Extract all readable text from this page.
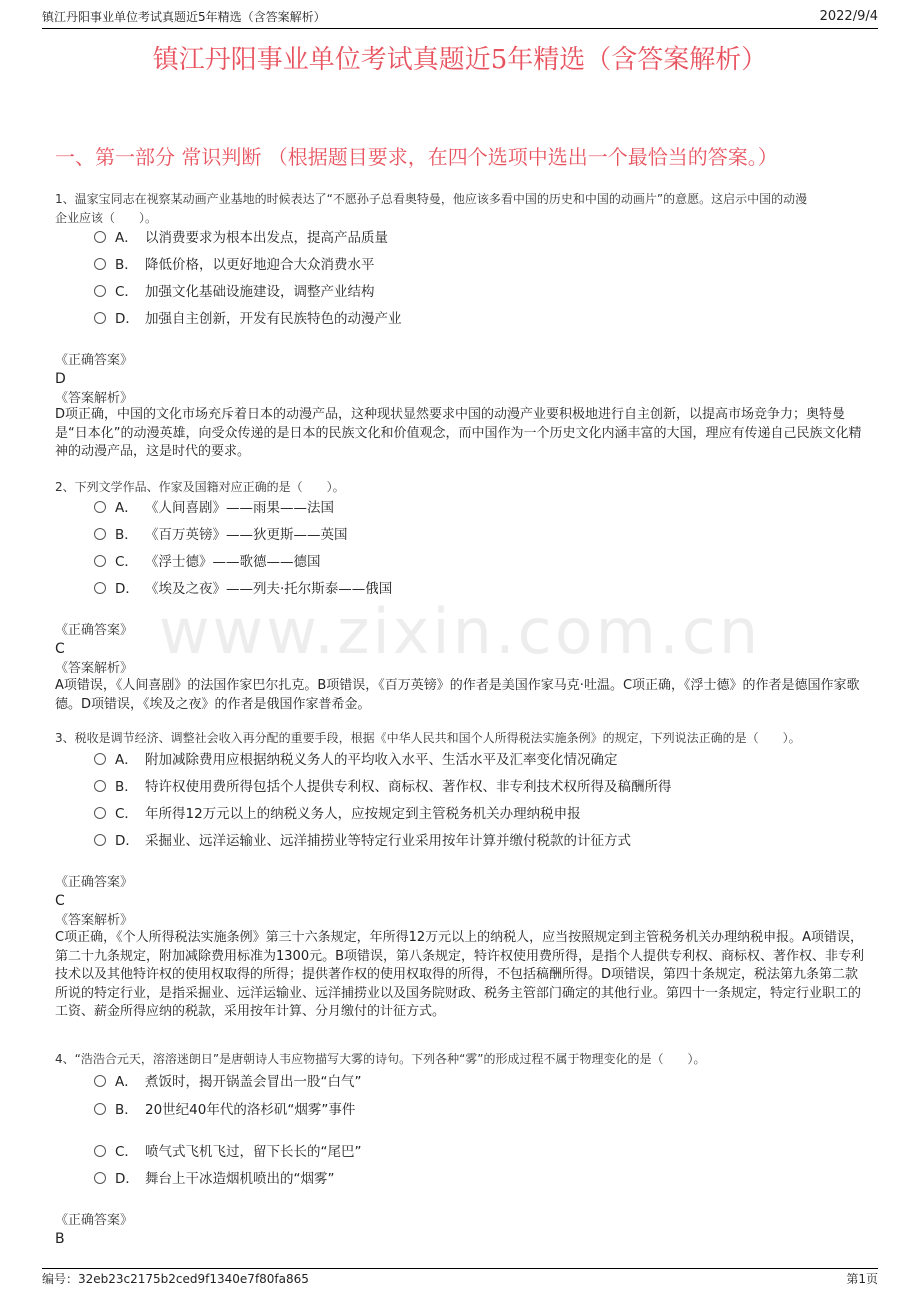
镇江丹阳事业单位考试真题近5年精选（含答案解析）	2022/9/4
镇江丹阳事业单位考试真题近5年精选（含答案解析）
一、第一部分 常识判断 （根据题目要求，在四个选项中选出一个最恰当的答案。）
www.zixin.com.cn
1、温家宝同志在视察某动画产业基地的时候表达了“不愿孙子总看奥特曼，他应该多看中国的历史和中国的动画片”的意愿。这启示中国的动漫
企业应该（　　）。
A． 以消费要求为根本出发点，提高产品质量
B． 降低价格，以更好地迎合大众消费水平
C． 加强文化基础设施建设，调整产业结构
D． 加强自主创新，开发有民族特色的动漫产业
《正确答案》
D
《答案解析》
D项正确，中国的文化市场充斥着日本的动漫产品，这种现状显然要求中国的动漫产业要积极地进行自主创新，以提高市场竞争力；奥特曼是“日本化”的动漫英雄，向受众传递的是日本的民族文化和价值观念，而中国作为一个历史文化内涵丰富的大国，理应有传递自己民族文化精神的动漫产品，这是时代的要求。
2、下列文学作品、作家及国籍对应正确的是（　　）。
A． 《人间喜剧》——雨果——法国
B． 《百万英镑》——狄更斯——英国
C． 《浮士德》——歌德——德国
D． 《埃及之夜》——列夫·托尔斯泰——俄国
《正确答案》
C
《答案解析》
A项错误，《人间喜剧》的法国作家巴尔扎克。B项错误，《百万英镑》的作者是美国作家马克·吐温。C项正确，《浮士德》的作者是德国作家歌德。D项错误，《埃及之夜》的作者是俄国作家普希金。
3、税收是调节经济、调整社会收入再分配的重要手段，根据《中华人民共和国个人所得税法实施条例》的规定，下列说法正确的是（　　）。
A． 附加减除费用应根据纳税义务人的平均收入水平、生活水平及汇率变化情况确定
B． 特许权使用费所得包括个人提供专利权、商标权、著作权、非专利技术权所得及稿酬所得
C． 年所得12万元以上的纳税义务人，应按规定到主管税务机关办理纳税申报
D． 采掘业、远洋运输业、远洋捕捞业等特定行业采用按年计算并缴付税款的计征方式
《正确答案》
C
《答案解析》
C项正确，《个人所得税法实施条例》第三十六条规定，年所得12万元以上的纳税人，应当按照规定到主管税务机关办理纳税申报。A项错误，第二十九条规定，附加减除费用标准为1300元。B项错误，第八条规定，特许权使用费所得，是指个人提供专利权、商标权、著作权、非专利技术以及其他特许权的使用权取得的所得；提供著作权的使用权取得的所得，不包括稿酬所得。D项错误，第四十条规定，税法第九条第二款所说的特定行业，是指采掘业、远洋运输业、远洋捕捞业以及国务院财政、税务主管部门确定的其他行业。第四十一条规定，特定行业职工的工资、薪金所得应纳的税款，采用按年计算、分月缴付的计征方式。
4、“浩浩合元天，溶溶迷朗日”是唐朝诗人韦应物描写大雾的诗句。下列各种“雾”的形成过程不属于物理变化的是（　　）。
A． 煮饭时，揭开锅盖会冒出一股“白气”
B． 20世纪40年代的洛杉矶“烟雾”事件
C． 喷气式飞机飞过，留下长长的“尾巴”
D． 舞台上干冰造烟机喷出的“烟雾”
《正确答案》
B
编号：32eb23c2175b2ced9f1340e7f80fa865	第1页
